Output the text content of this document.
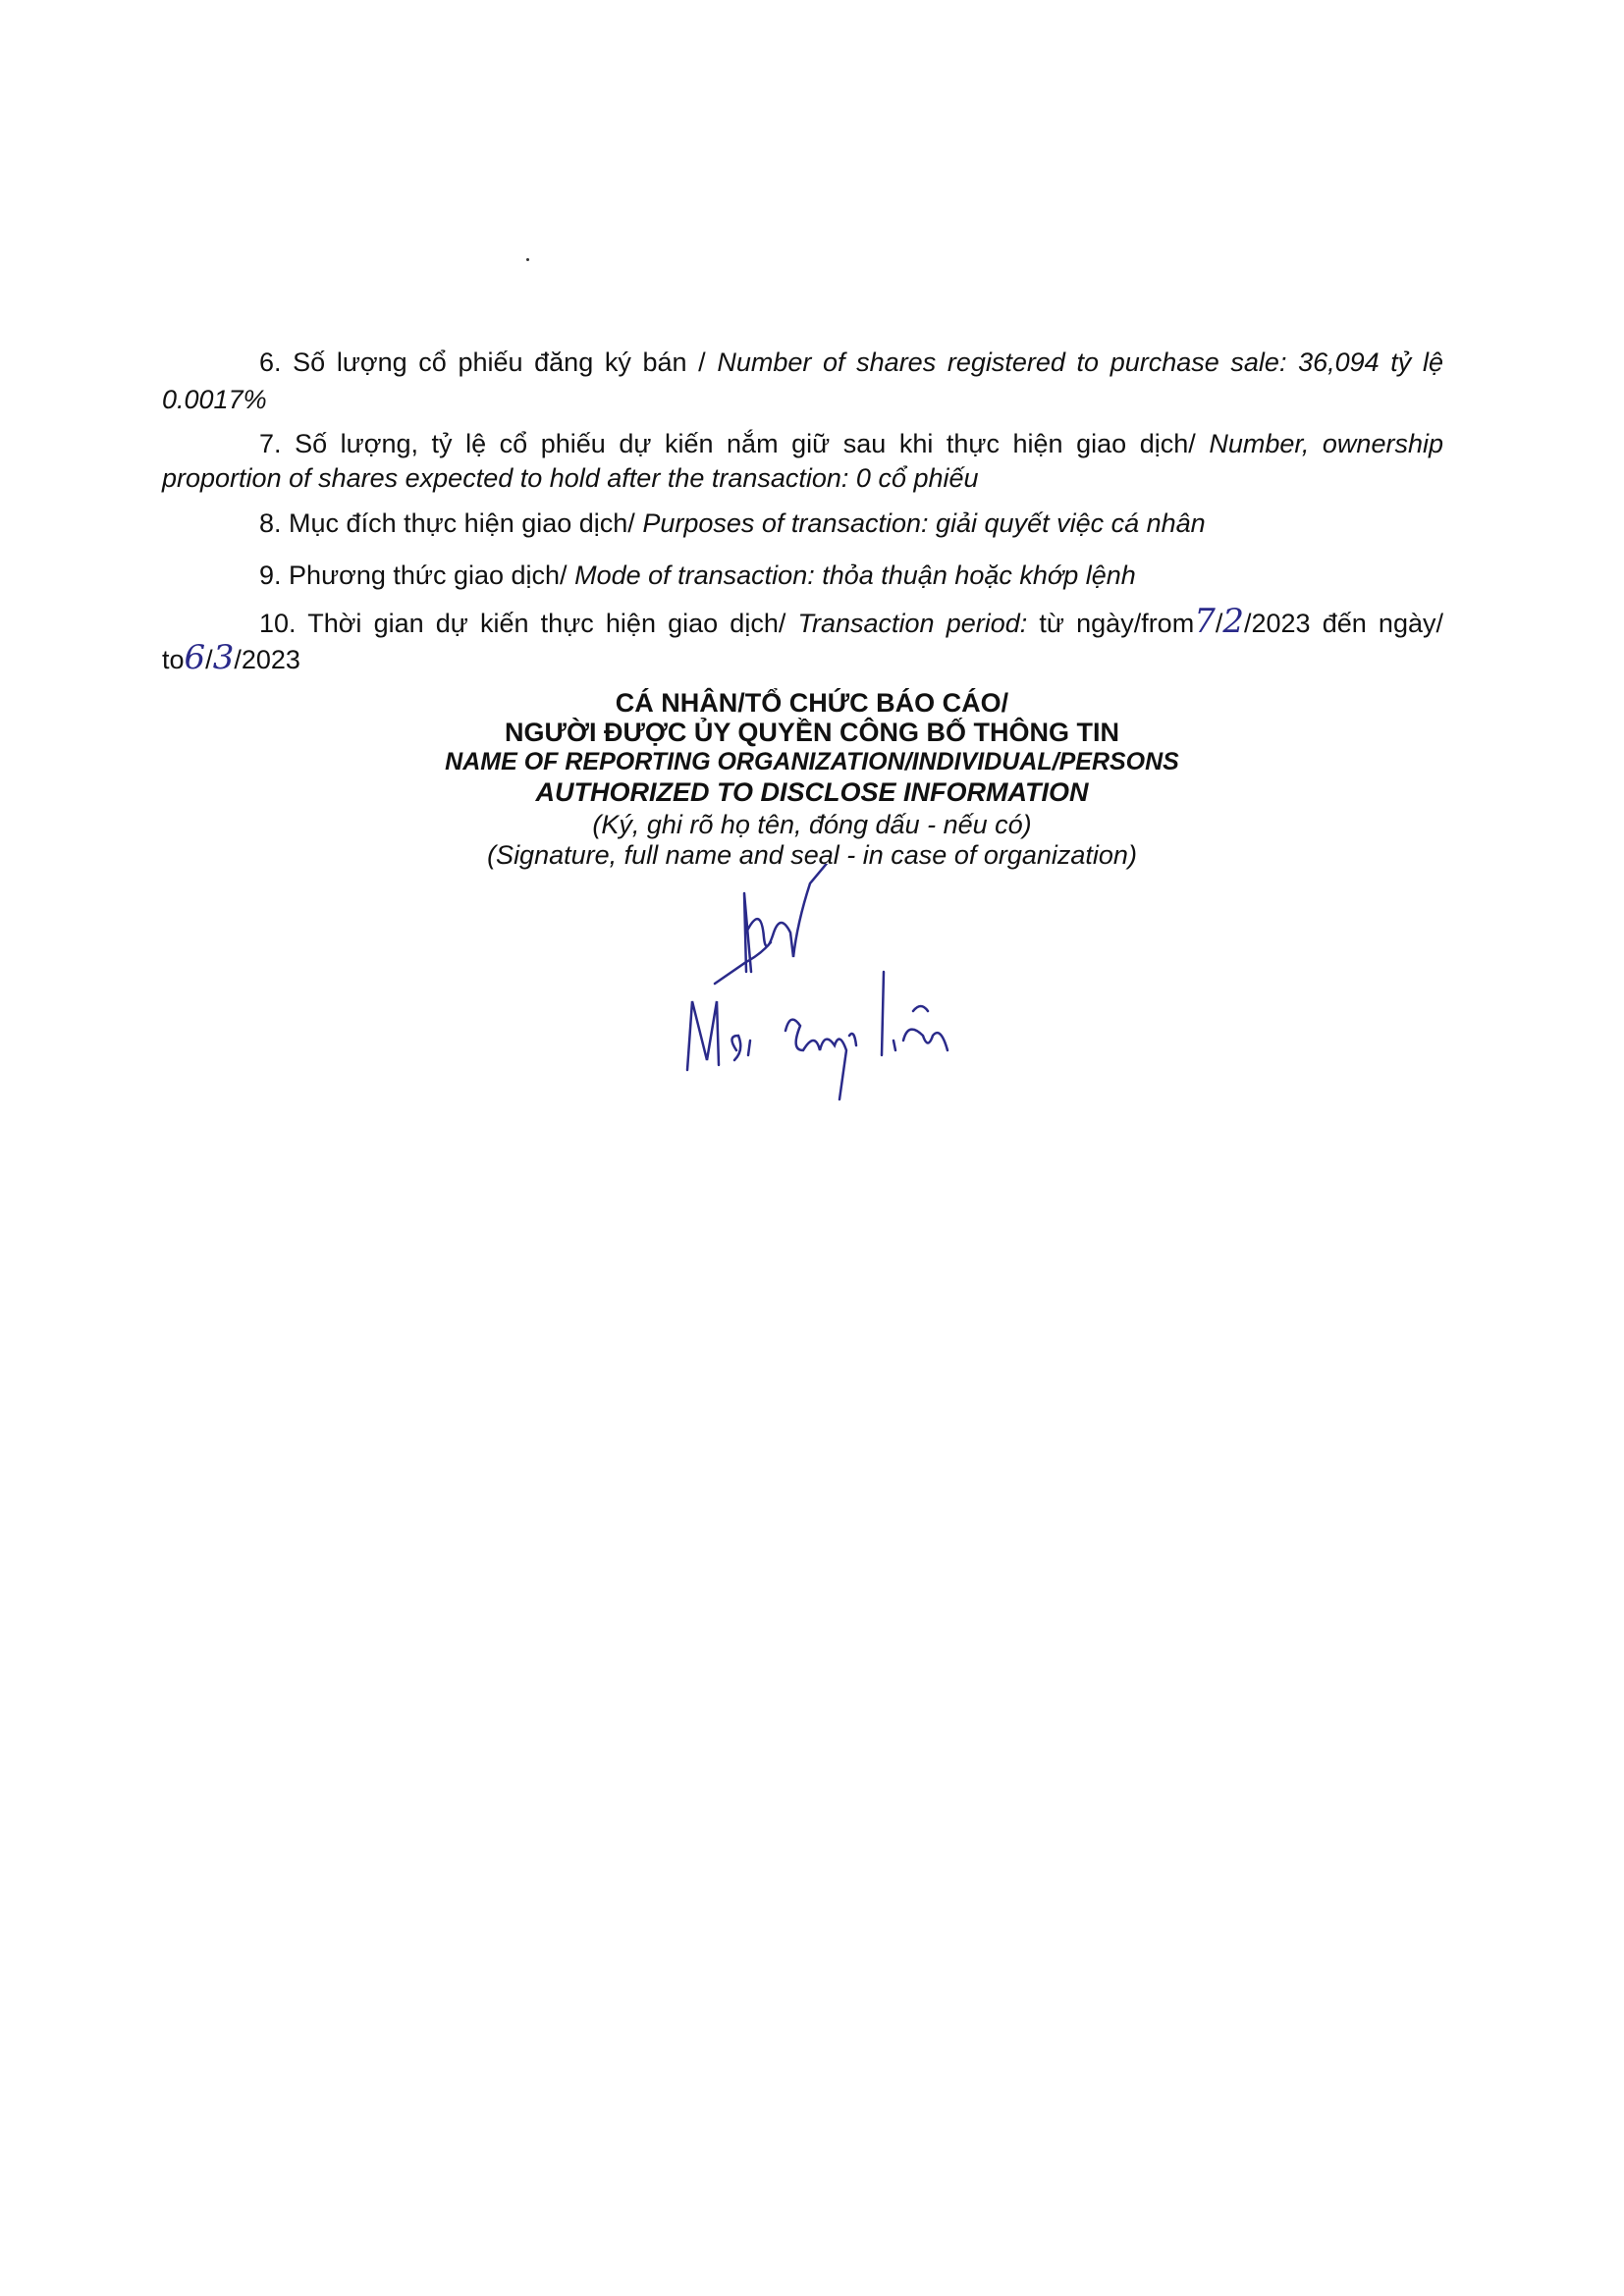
6. Số lượng cổ phiếu đăng ký bán / Number of shares registered to purchase sale: 36,094 tỷ lệ
0.0017%
7. Số lượng, tỷ lệ cổ phiếu dự kiến nắm giữ sau khi thực hiện giao dịch/ Number, ownership
proportion of shares expected to hold after the transaction: 0 cổ phiếu
8. Mục đích thực hiện giao dịch/ Purposes of transaction: giải quyết việc cá nhân
9. Phương thức giao dịch/ Mode of transaction: thỏa thuận hoặc khớp lệnh
10. Thời gian dự kiến thực hiện giao dịch/ Transaction period: từ ngày/from7/2/2023 đến ngày/
to6/3/2023
CÁ NHÂN/TỔ CHỨC BÁO CÁO/
NGƯỜI ĐƯỢC ỦY QUYỀN CÔNG BỐ THÔNG TIN
NAME OF REPORTING ORGANIZATION/INDIVIDUAL/PERSONS
AUTHORIZED TO DISCLOSE INFORMATION
(Ký, ghi rõ họ tên, đóng dấu - nếu có)
(Signature, full name and seal - in case of organization)
